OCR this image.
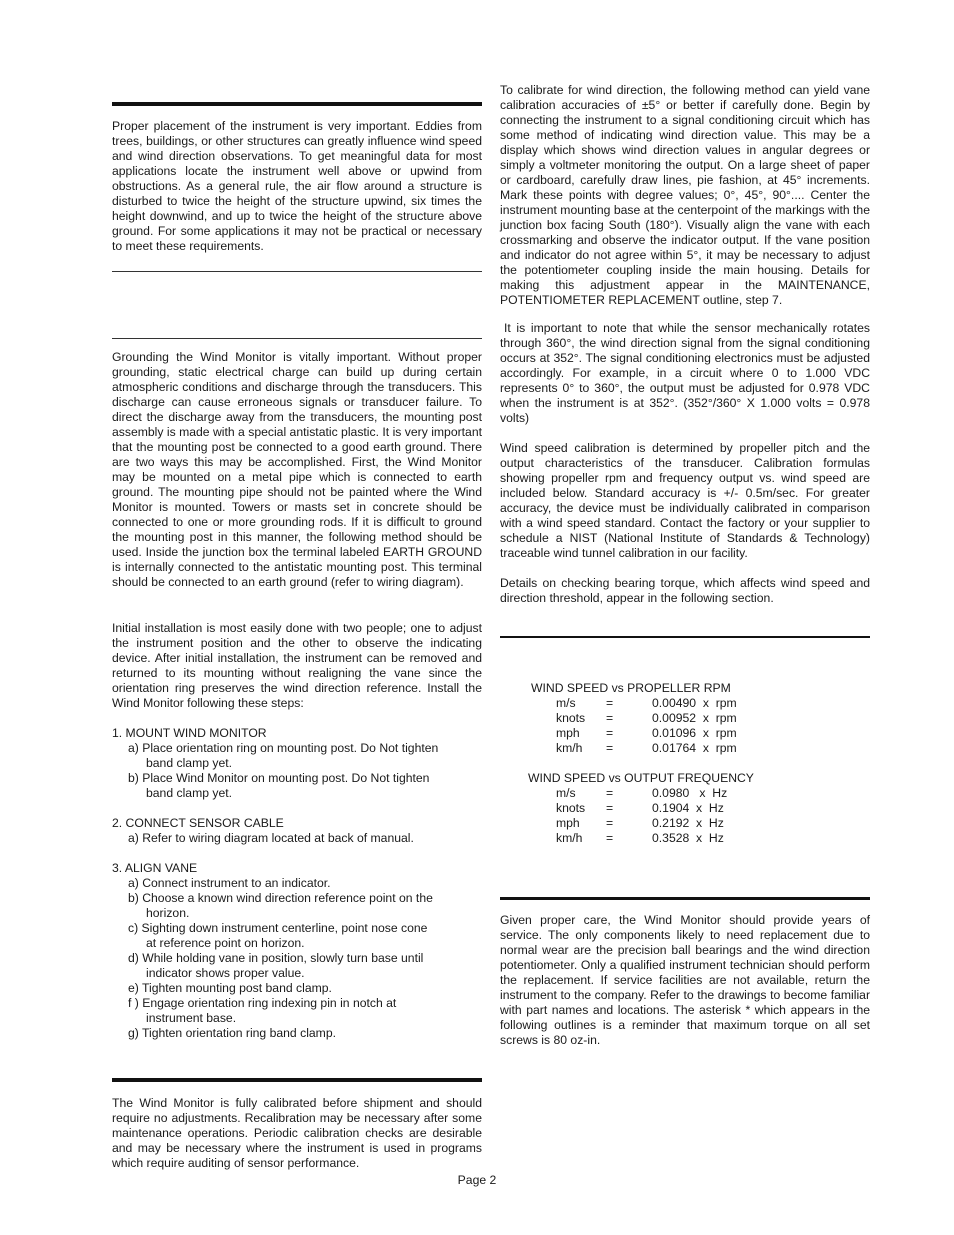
Proper placement of the instrument is very important. Eddies from trees, buildings, or other structures can greatly influence wind speed and wind direction observations. To get meaningful data for most applications locate the instrument well above or upwind from obstructions. As a general rule, the air flow around a structure is disturbed to twice the height of the structure upwind, six times the height downwind, and up to twice the height of the structure above ground. For some applications it may not be practical or necessary to meet these requirements.
Grounding the Wind Monitor is vitally important. Without proper grounding, static electrical charge can build up during certain atmospheric conditions and discharge through the transducers. This discharge can cause erroneous signals or transducer failure. To direct the discharge away from the transducers, the mounting post assembly is made with a special antistatic plastic. It is very important that the mounting post be connected to a good earth ground. There are two ways this may be accomplished. First, the Wind Monitor may be mounted on a metal pipe which is connected to earth ground. The mounting pipe should not be painted where the Wind Monitor is mounted. Towers or masts set in concrete should be connected to one or more grounding rods. If it is difficult to ground the mounting post in this manner, the following method should be used. Inside the junction box the terminal labeled EARTH GROUND is internally connected to the antistatic mounting post. This terminal should be connected to an earth ground (refer to wiring diagram).
Initial installation is most easily done with two people; one to adjust the instrument position and the other to observe the indicating device. After initial installation, the instrument can be removed and returned to its mounting without realigning the vane since the orientation ring preserves the wind direction reference. Install the Wind Monitor following these steps:
1. MOUNT WIND MONITOR
a) Place orientation ring on mounting post. Do Not tighten
band clamp yet.
b) Place Wind Monitor on mounting post. Do Not tighten
band clamp yet.
2. CONNECT SENSOR CABLE
a) Refer to wiring diagram located at back of manual.
3. ALIGN VANE
a) Connect instrument to an indicator.
b) Choose a known wind direction reference point on the
horizon.
c) Sighting down instrument centerline, point nose cone
at reference point on horizon.
d) While holding vane in position, slowly turn base until
indicator shows proper value.
e) Tighten mounting post band clamp.
f ) Engage orientation ring indexing pin in notch at
instrument base.
g) Tighten orientation ring band clamp.
The Wind Monitor is fully calibrated before shipment and should require no adjustments. Recalibration may be necessary after some maintenance operations. Periodic calibration checks are desirable and may be necessary where the instrument is used in programs which require auditing of sensor performance.
To calibrate for wind direction, the following method can yield vane calibration accuracies of ±5° or better if carefully done. Begin by connecting the instrument to a signal conditioning circuit which has some method of indicating wind direction value. This may be a display which shows wind direction values in angular degrees or simply a voltmeter monitoring the output. On a large sheet of paper or cardboard, carefully draw lines, pie fashion, at 45° increments. Mark these points with degree values; 0°, 45°, 90°.... Center the instrument mounting base at the centerpoint of the markings with the junction box facing South (180°). Visually align the vane with each crossmarking and observe the indicator output. If the vane position and indicator do not agree within 5°, it may be necessary to adjust the potentiometer coupling inside the main housing. Details for making this adjustment appear in the MAINTENANCE, POTENTIOMETER REPLACEMENT outline, step 7.
It is important to note that while the sensor mechanically rotates through 360°, the wind direction signal from the signal conditioning occurs at 352°. The signal conditioning electronics must be adjusted accordingly. For example, in a circuit where 0 to 1.000 VDC represents 0° to 360°, the output must be adjusted for 0.978 VDC when the instrument is at 352°. (352°/360° X 1.000 volts = 0.978 volts)
Wind speed calibration is determined by propeller pitch and the output characteristics of the transducer. Calibration formulas showing propeller rpm and frequency output vs. wind speed are included below. Standard accuracy is +/- 0.5m/sec. For greater accuracy, the device must be individually calibrated in comparison with a wind speed standard. Contact the factory or your supplier to schedule a NIST (National Institute of Standards & Technology) traceable wind tunnel calibration in our facility.
Details on checking bearing torque, which affects wind speed and direction threshold, appear in the following section.
WIND SPEED vs PROPELLER RPM
m/s =	0.00490  x  rpm
knots =	0.00952  x  rpm
mph =	0.01096  x  rpm
km/h =	0.01764  x  rpm
WIND SPEED vs OUTPUT FREQUENCY
m/s =	0.0980   x  Hz
knots =	0.1904  x  Hz
mph =	0.2192  x  Hz
km/h =	0.3528  x  Hz
Given proper care, the Wind Monitor should provide years of service. The only components likely to need replacement due to normal wear are the precision ball bearings and the wind direction potentiometer. Only a qualified instrument technician should perform the replacement. If service facilities are not available, return the instrument to the company. Refer to the drawings to become familiar with part names and locations. The asterisk * which appears in the following outlines is a reminder that maximum torque on all set screws is 80 oz-in.
Page 2
